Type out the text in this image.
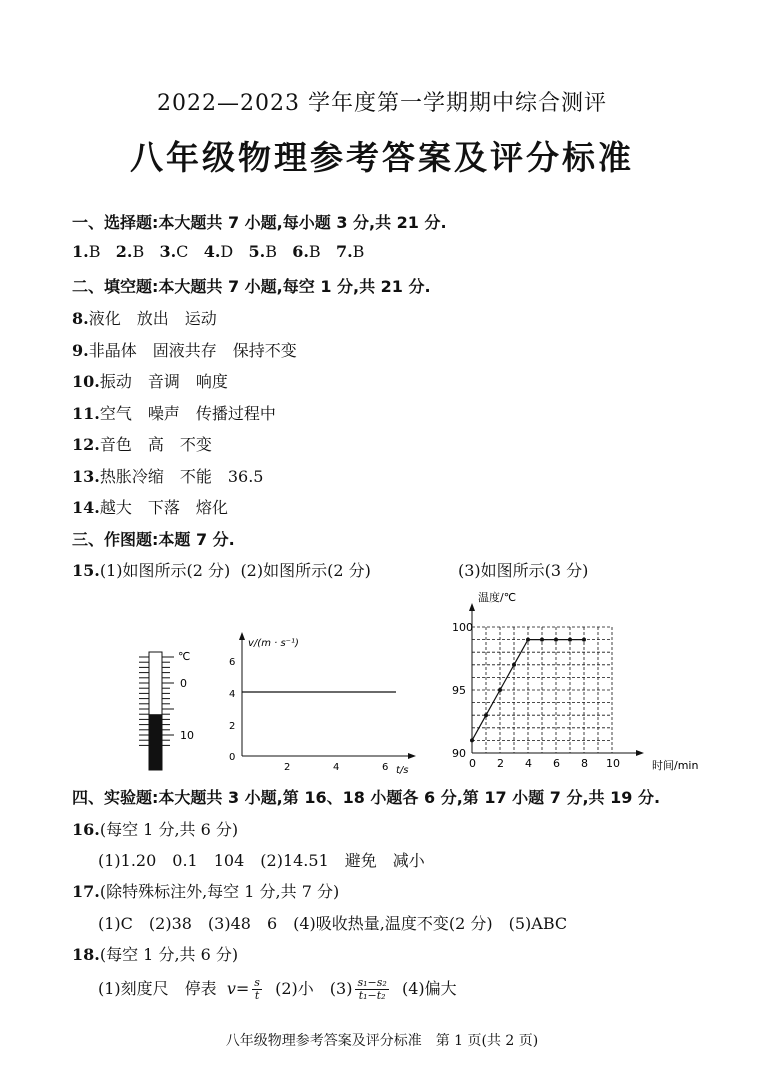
2022—2023 学年度第一学期期中综合测评
八年级物理参考答案及评分标准
一、选择题:本大题共 7 小题,每小题 3 分,共 21 分.
1.B 2.B 3.C 4.D 5.B 6.B 7.B
二、填空题:本大题共 7 小题,每空 1 分,共 21 分.
8.液化　放出　运动
9.非晶体　固液共存　保持不变
10.振动　音调　响度
11.空气　噪声　传播过程中
12.音色　高　不变
13.热胀冷缩　不能　36.5
14.越大　下落　熔化
三、作图题:本题 7 分.
15.(1)如图所示(2 分) (2)如图所示(2 分)	(3)如图所示(3 分)
℃
0
10
v/(m · s⁻¹)
t/s
0
2
4
6
2	4	6
温度/℃
时间/min
90
95
100
0 2 4 6 8 10
四、实验题:本大题共 3 小题,第 16、18 小题各 6 分,第 17 小题 7 分,共 19 分.
16.(每空 1 分,共 6 分)
(1)1.20　0.1　104　(2)14.51　避免　减小
17.(除特殊标注外,每空 1 分,共 7 分)
(1)C　(2)38　(3)48　6　(4)吸收热量,温度不变(2 分)　(5)ABC
18.(每空 1 分,共 6 分)
(1)刻度尺　停表 $v= \frac{s}{t} (2)$小　$(3) \frac{\text{s₁−s₂}}{\text{t₁−t₂}} (4)$偏大
八年级物理参考答案及评分标准　第 1 页(共 2 页)
